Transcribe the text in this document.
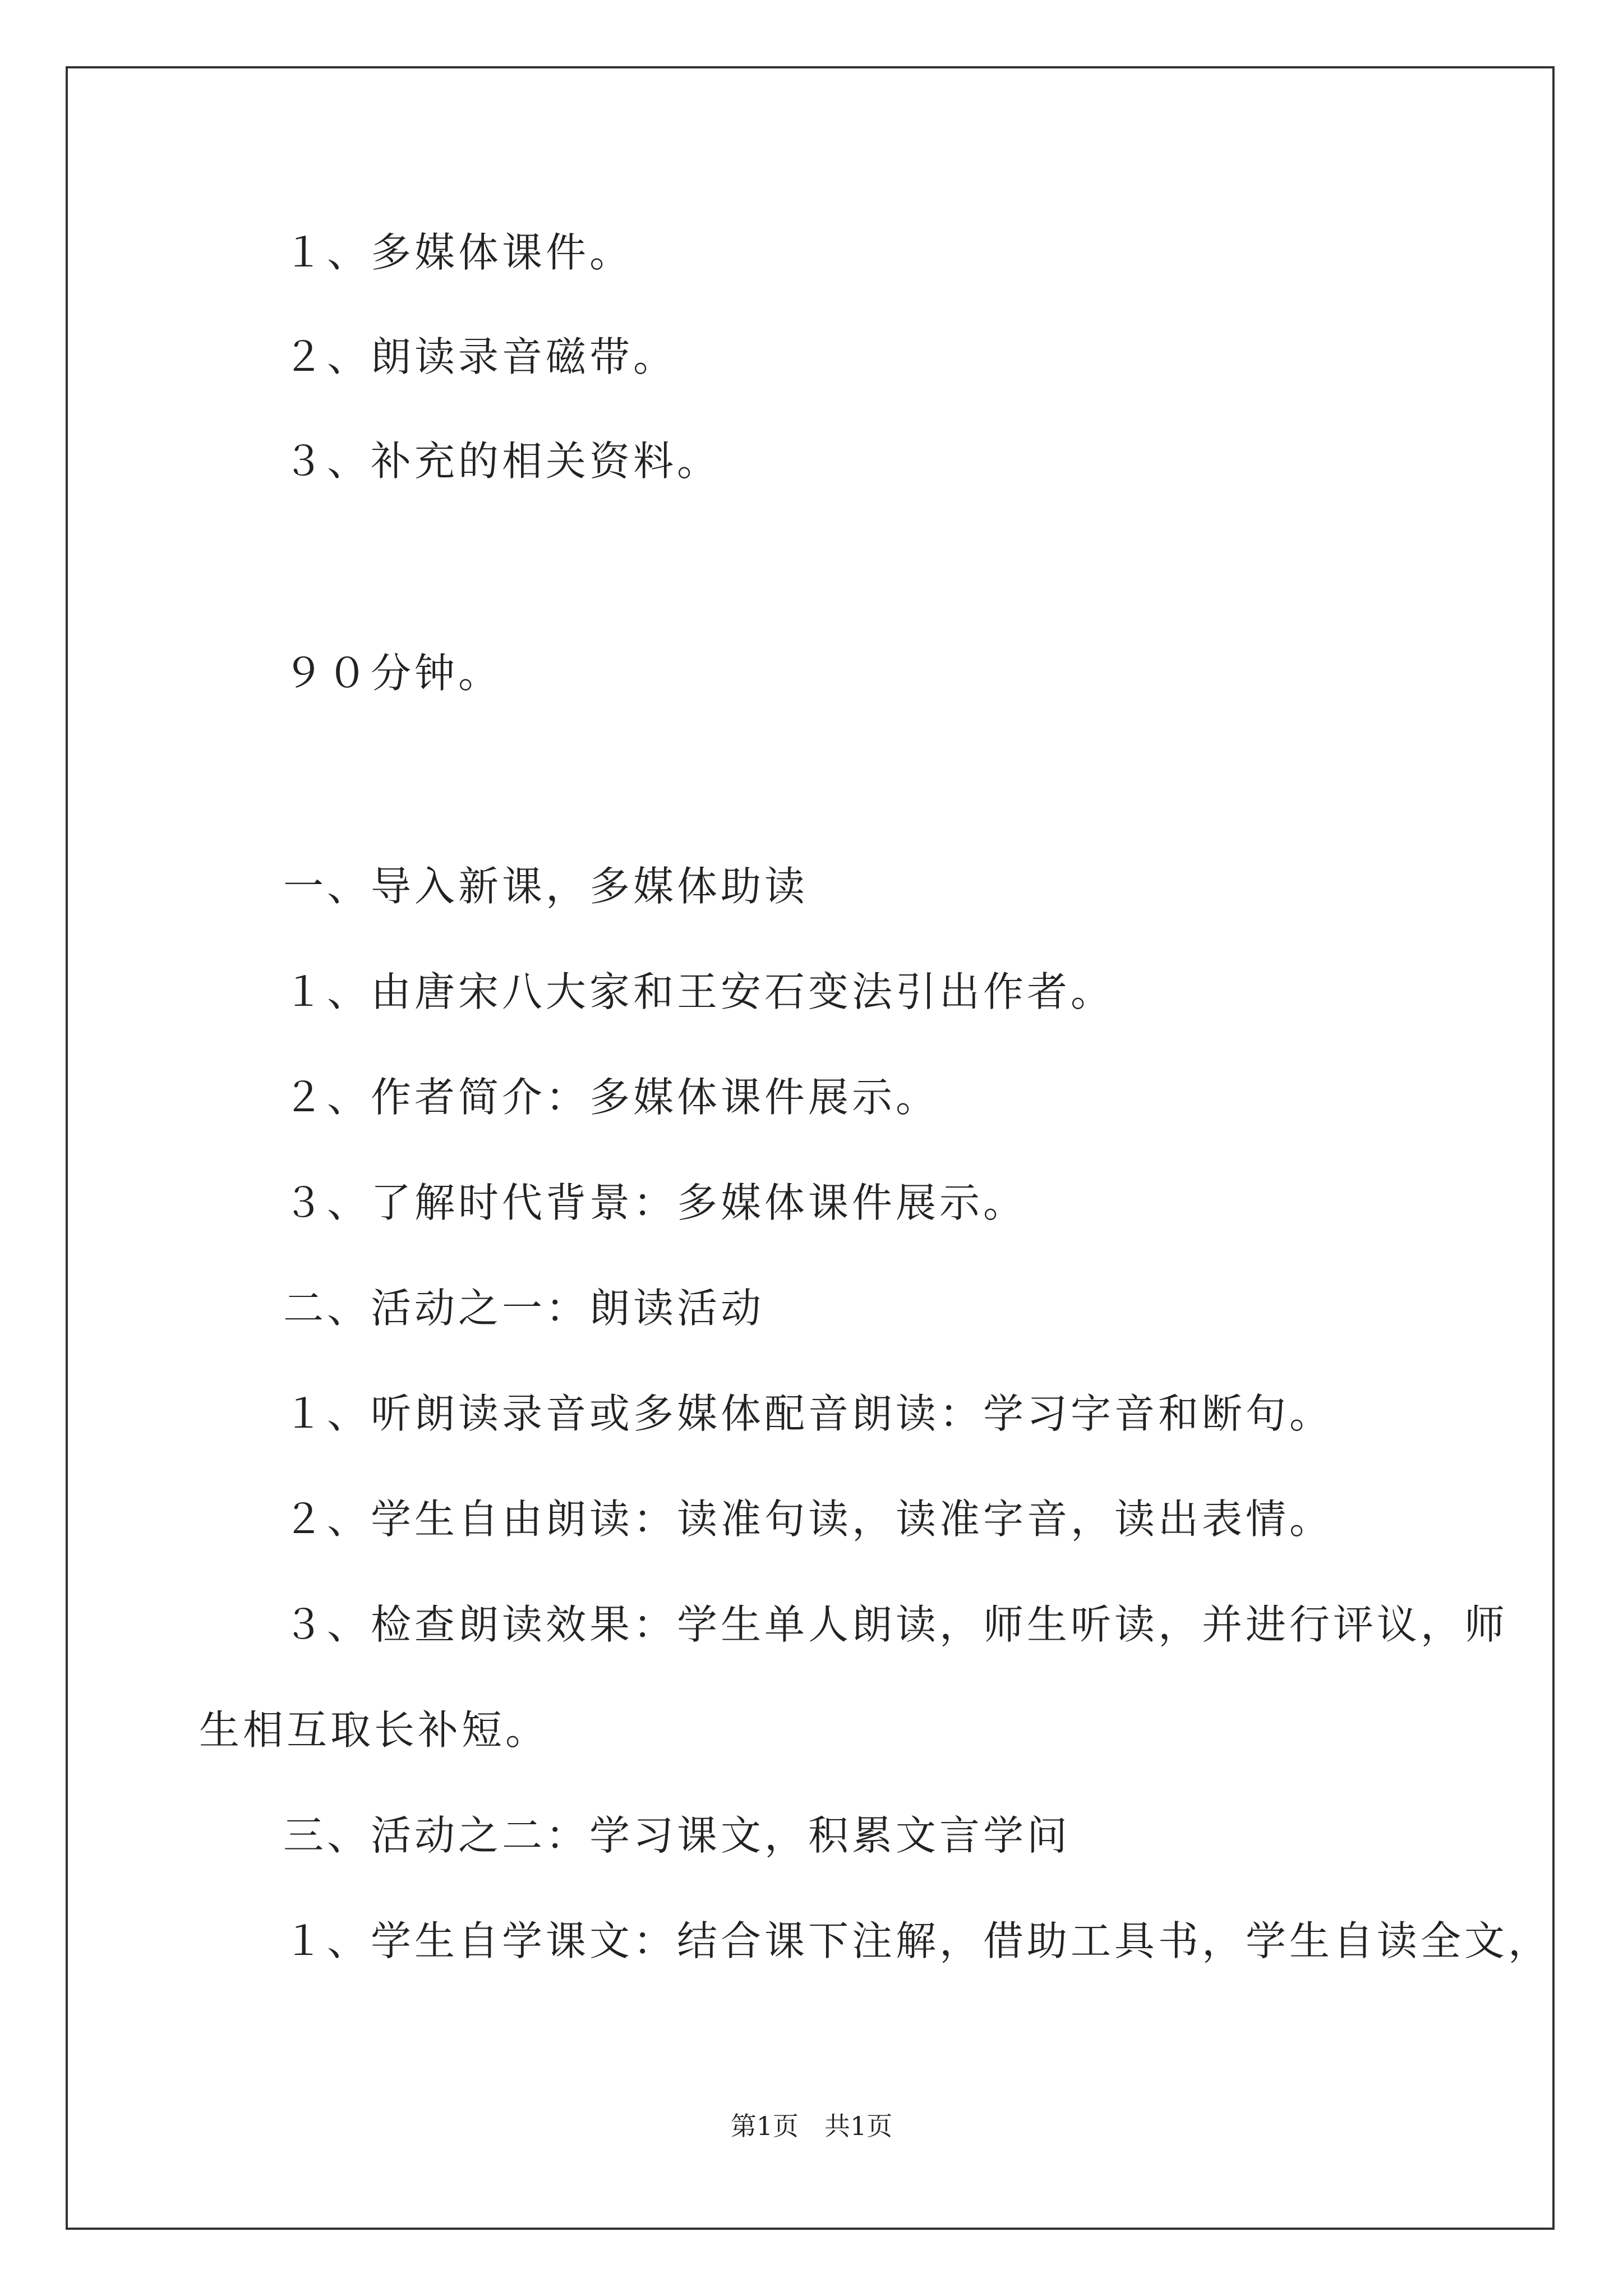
１、多媒体课件。
２、朗读录音磁带。
３、补充的相关资料。
９０分钟。
一、导入新课，多媒体助读
１、由唐宋八大家和王安石变法引出作者。
２、作者简介：多媒体课件展示。
３、了解时代背景：多媒体课件展示。
二、活动之一：朗读活动
１、听朗读录音或多媒体配音朗读：学习字音和断句。
２、学生自由朗读：读准句读，读准字音，读出表情。
３、检查朗读效果：学生单人朗读，师生听读，并进行评议，师
生相互取长补短。
三、活动之二：学习课文，积累文言学问
１、学生自学课文：结合课下注解，借助工具书，学生自读全文，
第1页　共1页
